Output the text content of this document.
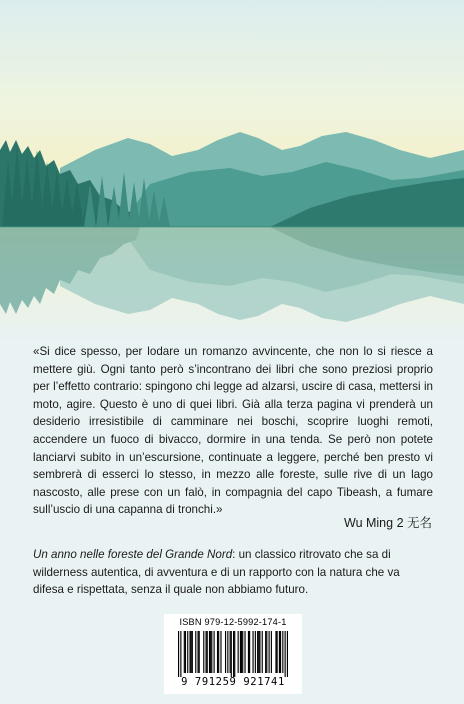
«Si dice spesso, per lodare un romanzo avvincente, che non lo si riesce a mettere giù. Ogni tanto però s’incontrano dei libri che sono preziosi proprio per l’effetto contrario: spingono chi legge ad alzarsi, uscire di casa, mettersi in moto, agire. Questo è uno di quei libri. Già alla terza pagina vi prenderà un desiderio irresistibile di camminare nei boschi, scoprire luoghi remoti, accendere un fuoco di bivacco, dormire in una tenda. Se però non potete lanciarvi subito in un’escursione, continuate a leggere, perché ben presto vi sembrerà di esserci lo stesso, in mezzo alle foreste, sulle rive di un lago nascosto, alle prese con un falò, in compagnia del capo Tibeash, a fumare sull’uscio di una capanna di tronchi.»

Wu Ming 2 无名

Un anno nelle foreste del Grande Nord: un classico ritrovato che sa di wilderness autentica, di avventura e di un rapporto con la natura che va difesa e rispettata, senza il quale non abbiamo futuro.

ISBN 979-12-5992-174-1
9 791259 921741
